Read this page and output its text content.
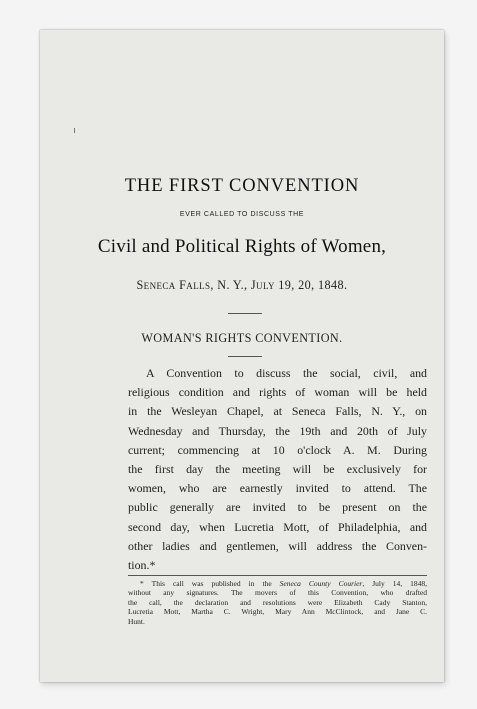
THE FIRST CONVENTION
EVER CALLED TO DISCUSS THE
Civil and Political Rights of Women,
Seneca Falls, N. Y., July 19, 20, 1848.
WOMAN'S RIGHTS CONVENTION.
A Convention to discuss the social, civil, and
religious condition and rights of woman will be held
in the Wesleyan Chapel, at Seneca Falls, N. Y., on
Wednesday and Thursday, the 19th and 20th of July
current; commencing at 10 o'clock A. M. During
the first day the meeting will be exclusively for
women, who are earnestly invited to attend. The
public generally are invited to be present on the
second day, when Lucretia Mott, of Philadelphia, and
other ladies and gentlemen, will address the Conven-
tion.*
* This call was published in the Seneca County Courier, July 14, 1848,
without any signatures. The movers of this Convention, who drafted
the call, the declaration and resolutions were Elizabeth Cady Stanton,
Lucretia Mott, Martha C. Wright, Mary Ann McClintock, and Jane C.
Hunt.
